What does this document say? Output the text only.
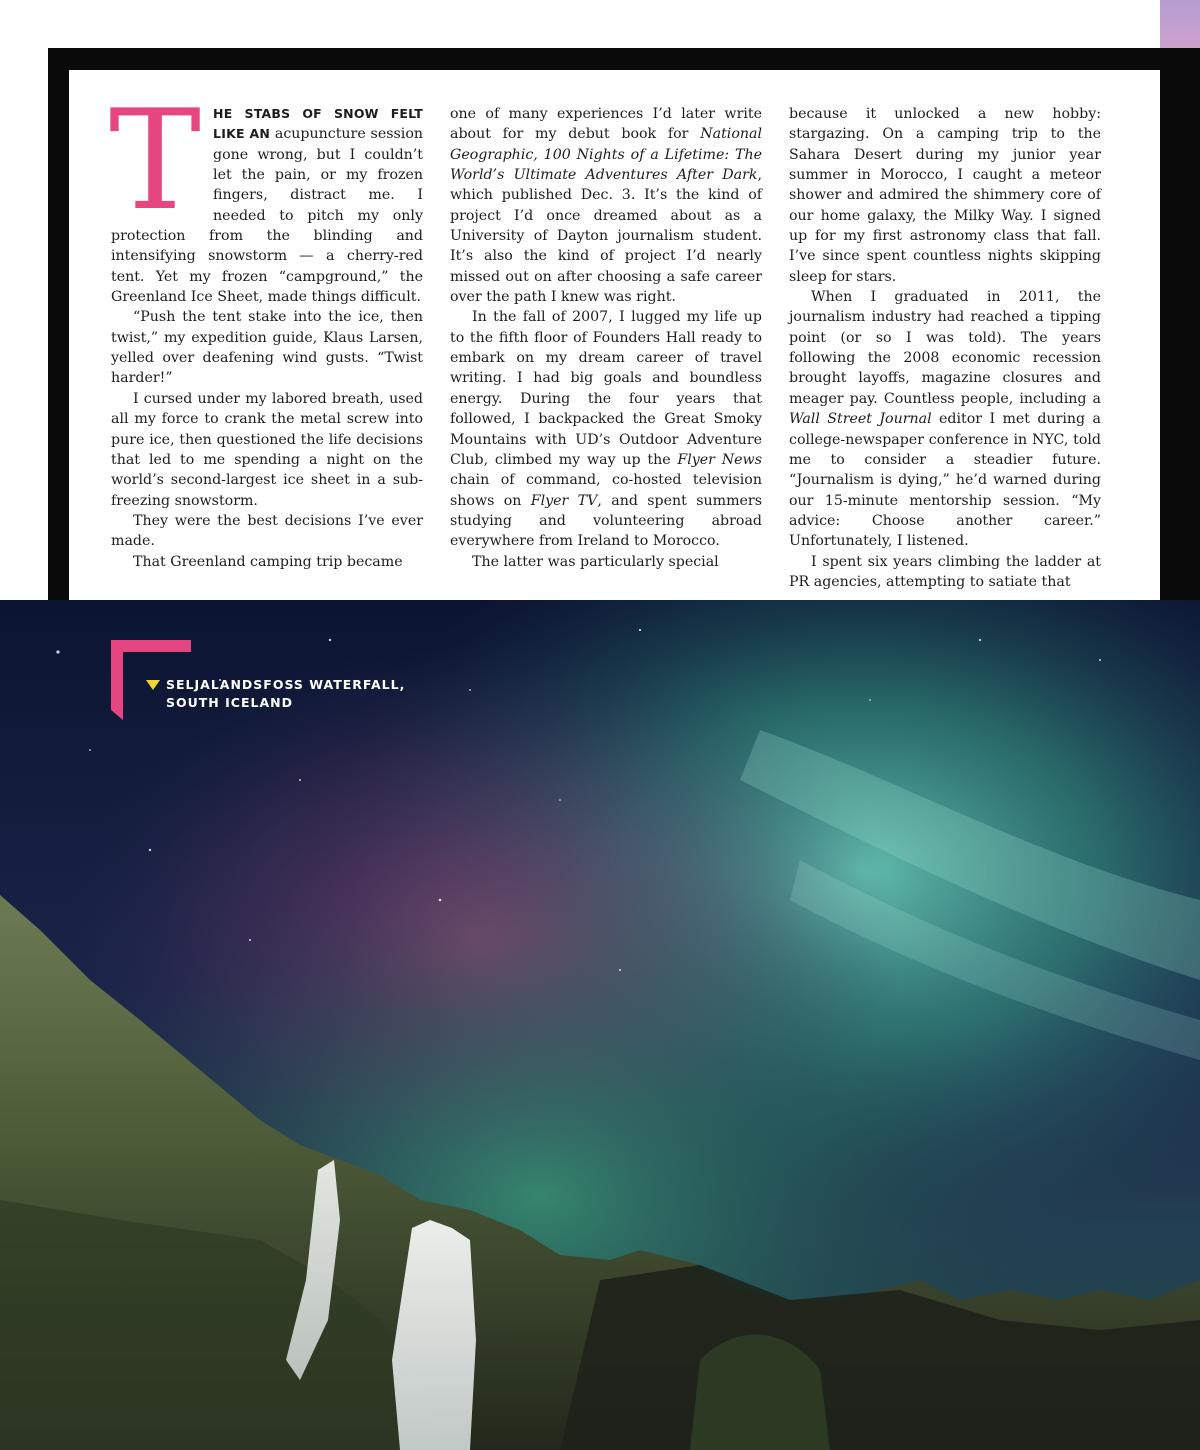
THE STABS OF SNOW FELT LIKE AN acupuncture session gone wrong, but I couldn’t let the pain, or my frozen fingers, distract me. I needed to pitch my only protection from the blinding and intensifying snowstorm — a cherry-red tent. Yet my frozen “campground,” the Greenland Ice Sheet, made things difficult.

“Push the tent stake into the ice, then twist,” my expedition guide, Klaus Larsen, yelled over deafening wind gusts. “Twist harder!”

I cursed under my labored breath, used all my force to crank the metal screw into pure ice, then questioned the life decisions that led to me spending a night on the world’s second-largest ice sheet in a sub-freezing snowstorm.

They were the best decisions I’ve ever made.

That Greenland camping trip became

one of many experiences I’d later write about for my debut book for National Geographic, 100 Nights of a Lifetime: The World’s Ultimate Adventures After Dark, which published Dec. 3. It’s the kind of project I’d once dreamed about as a University of Dayton journalism student. It’s also the kind of project I’d nearly missed out on after choosing a safe career over the path I knew was right.

In the fall of 2007, I lugged my life up to the fifth floor of Founders Hall ready to embark on my dream career of travel writing. I had big goals and boundless energy. During the four years that followed, I backpacked the Great Smoky Mountains with UD’s Outdoor Adventure Club, climbed my way up the Flyer News chain of command, co-hosted television shows on Flyer TV, and spent summers studying and volunteering abroad everywhere from Ireland to Morocco.

The latter was particularly special

because it unlocked a new hobby: stargazing. On a camping trip to the Sahara Desert during my junior year summer in Morocco, I caught a meteor shower and admired the shimmery core of our home galaxy, the Milky Way. I signed up for my first astronomy class that fall. I’ve since spent countless nights skipping sleep for stars.

When I graduated in 2011, the journalism industry had reached a tipping point (or so I was told). The years following the 2008 economic recession brought layoffs, magazine closures and meager pay. Countless people, including a Wall Street Journal editor I met during a college-newspaper conference in NYC, told me to consider a steadier future. “Journalism is dying,” he’d warned during our 15-minute mentorship session. “My advice: Choose another career.” Unfortunately, I listened.

I spent six years climbing the ladder at PR agencies, attempting to satiate that

SELJALANDSFOSS WATERFALL,
SOUTH ICELAND
